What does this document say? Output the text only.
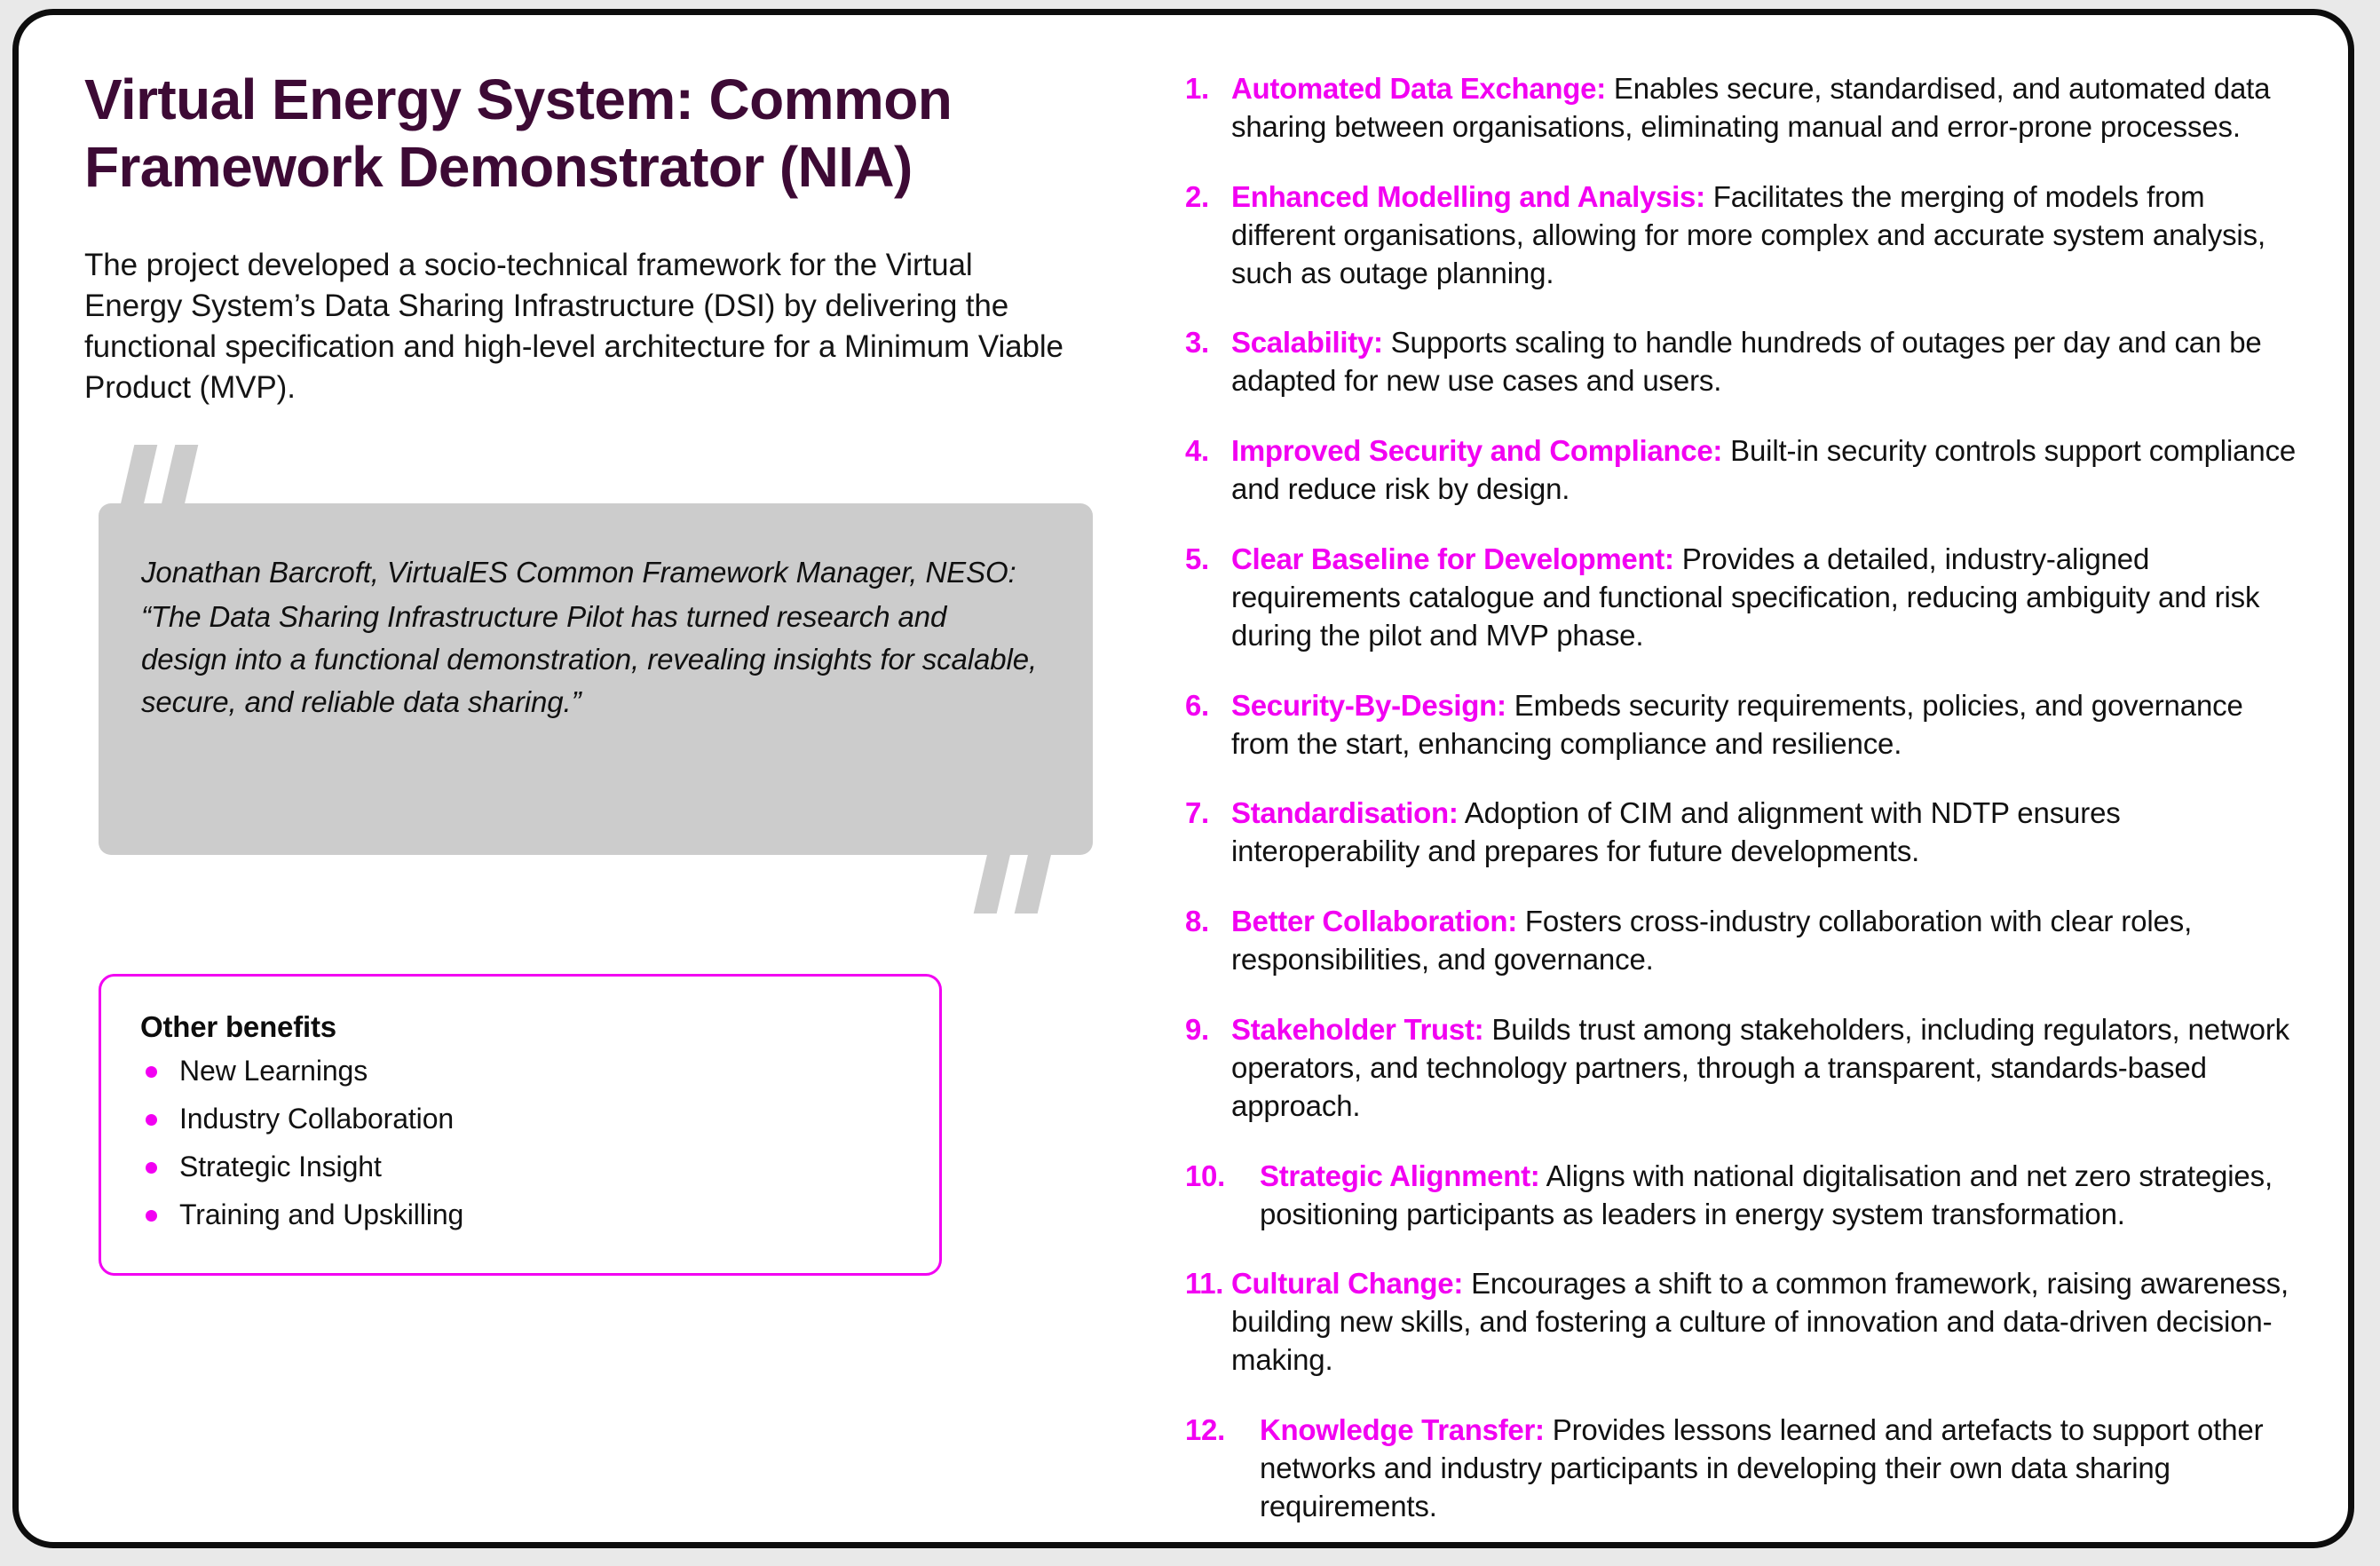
Virtual Energy System: Common Framework Demonstrator (NIA)

The project developed a socio-technical framework for the Virtual Energy System’s Data Sharing Infrastructure (DSI) by delivering the functional specification and high-level architecture for a Minimum Viable Product (MVP).

Jonathan Barcroft, VirtualES Common Framework Manager, NESO:

“The Data Sharing Infrastructure Pilot has turned research and design into a functional demonstration, revealing insights for scalable, secure, and reliable data sharing.”

Other benefits
New Learnings
Industry Collaboration
Strategic Insight
Training and Upskilling
1. Automated Data Exchange: Enables secure, standardised, and automated data sharing between organisations, eliminating manual and error-prone processes.
2. Enhanced Modelling and Analysis: Facilitates the merging of models from different organisations, allowing for more complex and accurate system analysis, such as outage planning.
3. Scalability: Supports scaling to handle hundreds of outages per day and can be adapted for new use cases and users.
4. Improved Security and Compliance: Built-in security controls support compliance and reduce risk by design.
5. Clear Baseline for Development: Provides a detailed, industry-aligned requirements catalogue and functional specification, reducing ambiguity and risk during the pilot and MVP phase.
6. Security-By-Design: Embeds security requirements, policies, and governance from the start, enhancing compliance and resilience.
7. Standardisation: Adoption of CIM and alignment with NDTP ensures interoperability and prepares for future developments.
8. Better Collaboration: Fosters cross-industry collaboration with clear roles, responsibilities, and governance.
9. Stakeholder Trust: Builds trust among stakeholders, including regulators, network operators, and technology partners, through a transparent, standards-based approach.
10.	Strategic Alignment: Aligns with national digitalisation and net zero strategies, positioning participants as leaders in energy system transformation.
11. Cultural Change: Encourages a shift to a common framework, raising awareness, building new skills, and fostering a culture of innovation and data-driven decision-making.
12.	Knowledge Transfer: Provides lessons learned and artefacts to support other networks and industry participants in developing their own data sharing requirements.
